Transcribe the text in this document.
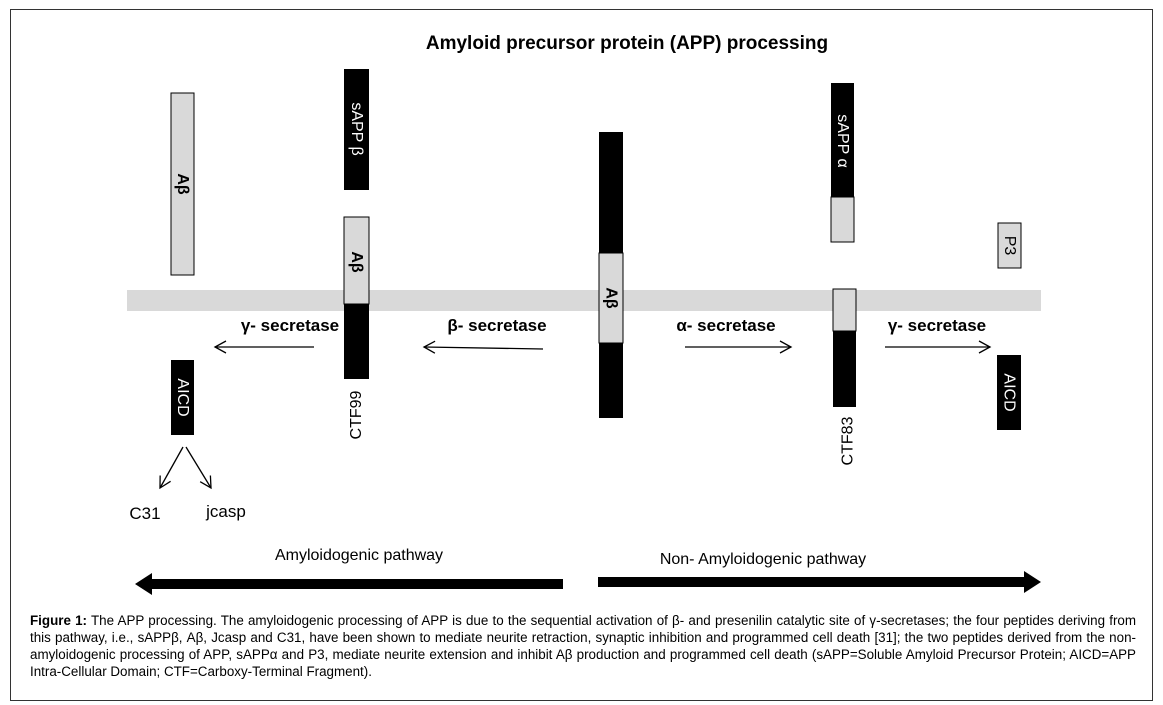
Amyloid precursor protein (APP) processing
Aβ
sAPP β
Aβ
CTF99
Aβ
sAPP α
CTF83
P3
AICD	AICD
γ- secretase	β- secretase	α- secretase	γ- secretase
C31	jcasp
Amyloidogenic pathway	Non- Amyloidogenic pathway
Figure 1: The APP processing. The amyloidogenic processing of APP is due to the sequential activation of β- and presenilin catalytic site of γ-secretases; the four peptides deriving from this pathway, i.e., sAPPβ, Aβ, Jcasp and C31, have been shown to mediate neurite retraction, synaptic inhibition and programmed cell death [31]; the two peptides derived from the non-amyloidogenic processing of APP, sAPPα and P3, mediate neurite extension and inhibit Aβ production and programmed cell death (sAPP=Soluble Amyloid Precursor Protein; AICD=APP Intra-Cellular Domain; CTF=Carboxy-Terminal Fragment).
